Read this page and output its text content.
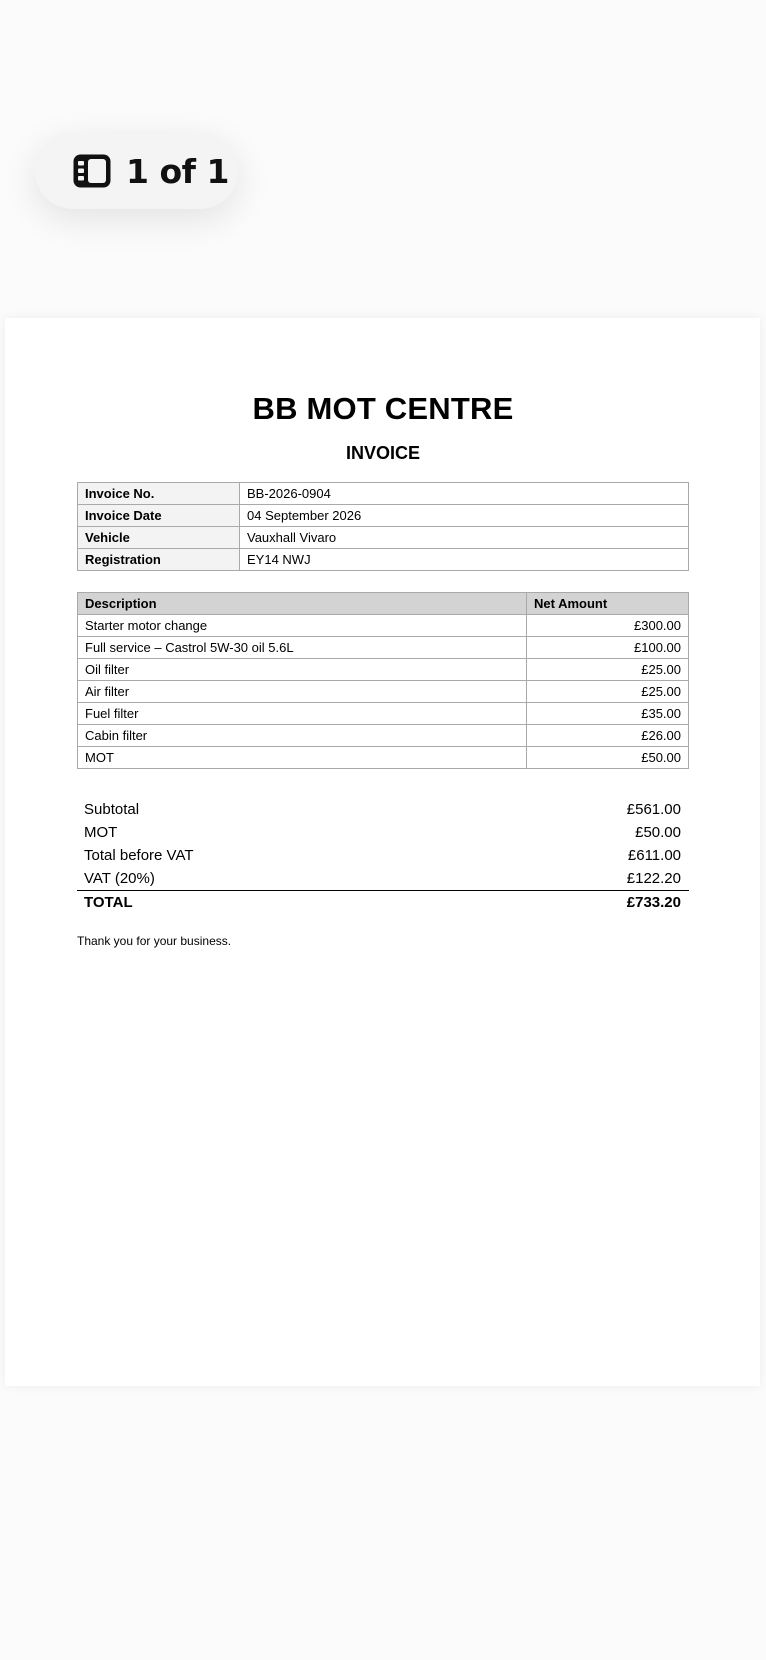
1 of 1
BB MOT CENTRE
INVOICE
Invoice No.	BB-2026-0904
Invoice Date	04 September 2026
Vehicle	Vauxhall Vivaro
Registration	EY14 NWJ
Description	Net Amount
Starter motor change	£300.00
Full service – Castrol 5W-30 oil 5.6L	£100.00
Oil filter	£25.00
Air filter	£25.00
Fuel filter	£35.00
Cabin filter	£26.00
MOT	£50.00
Subtotal	£561.00
MOT	£50.00
Total before VAT	£611.00
VAT (20%)	£122.20
TOTAL	£733.20
Thank you for your business.
